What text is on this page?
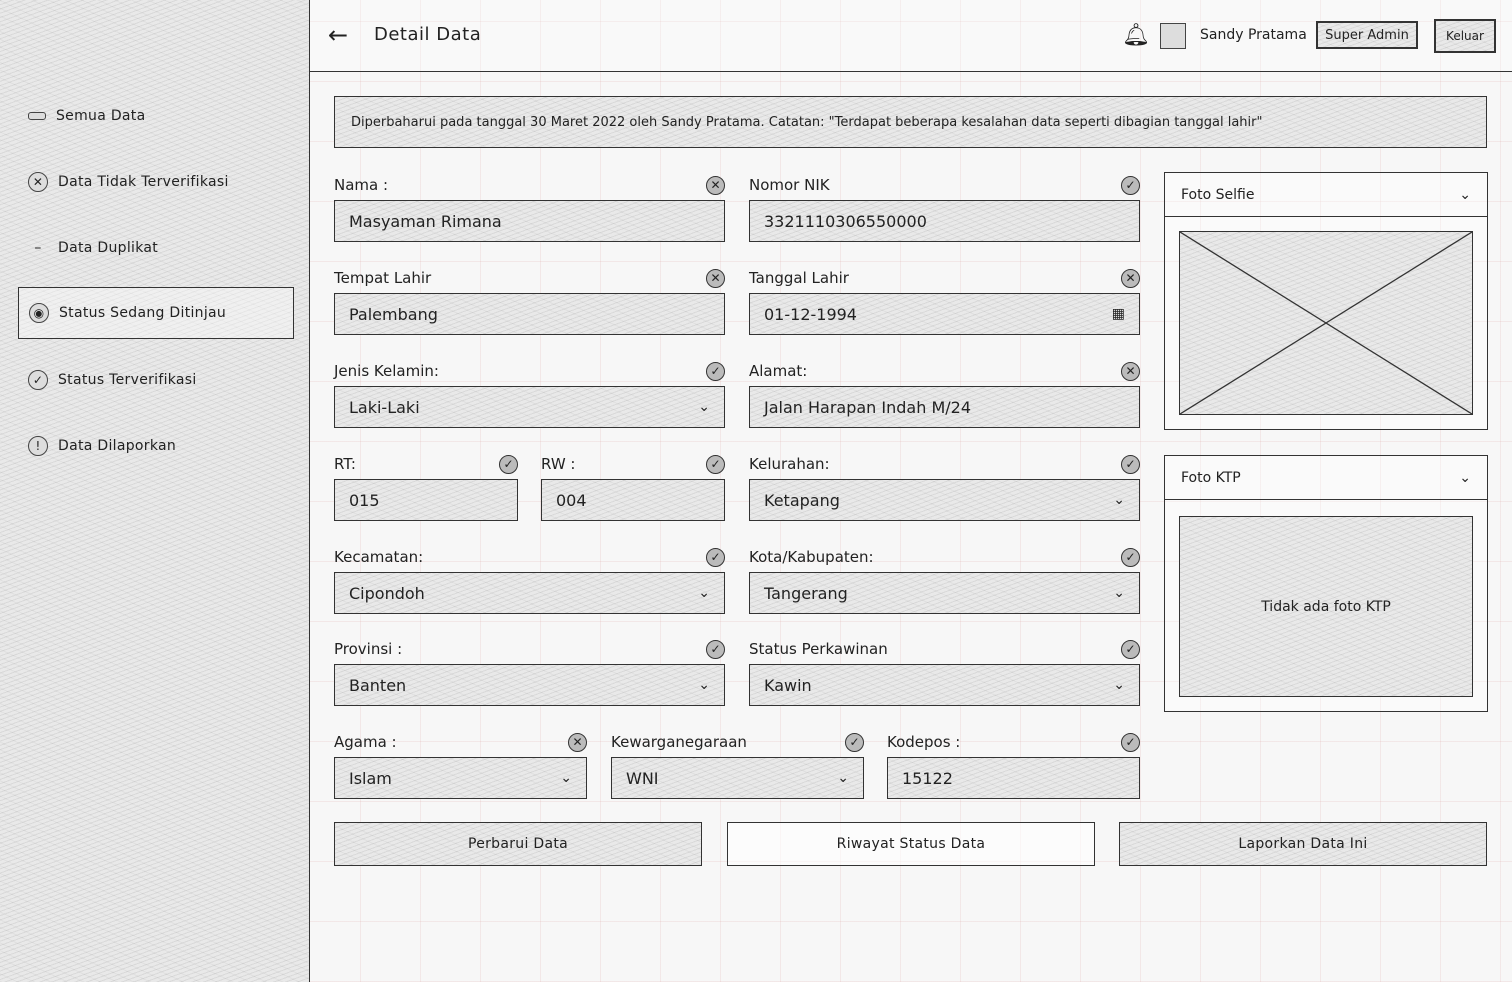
Semua Data
✕	Data Tidak Terverifikasi
–	Data Duplikat
◉	Status Sedang Ditinjau
✓	Status Terverifikasi
!	Data Dilaporkan
← Detail Data	🔔︎	Sandy Pratama	Super Admin	Keluar
Diperbaharui pada tanggal 30 Maret 2022 oleh Sandy Pratama. Catatan: "Terdapat beberapa kesalahan data seperti dibagian tanggal lahir"
Nama :	✕
Masyaman Rimana
Nomor NIK	✓
3321110306550000
Tempat Lahir	✕
Palembang
Tanggal Lahir	✕
01-12-1994	▦
Jenis Kelamin:	✓
Laki-Laki	⌄
Alamat:	✕
Jalan Harapan Indah M/24
RT:	✓
015
RW :	✓
004
Kelurahan:	✓
Ketapang	⌄
Kecamatan:	✓
Cipondoh	⌄
Kota/Kabupaten:	✓
Tangerang	⌄
Provinsi :	✓
Banten	⌄
Status Perkawinan	✓
Kawin	⌄
Agama :	✕
Islam	⌄
Kewarganegaraan	✓
WNI	⌄
Kodepos :	✓
15122
Foto Selfie	⌄
Foto KTP	⌄
Tidak ada foto KTP
Perbarui Data	Riwayat Status Data	Laporkan Data Ini
